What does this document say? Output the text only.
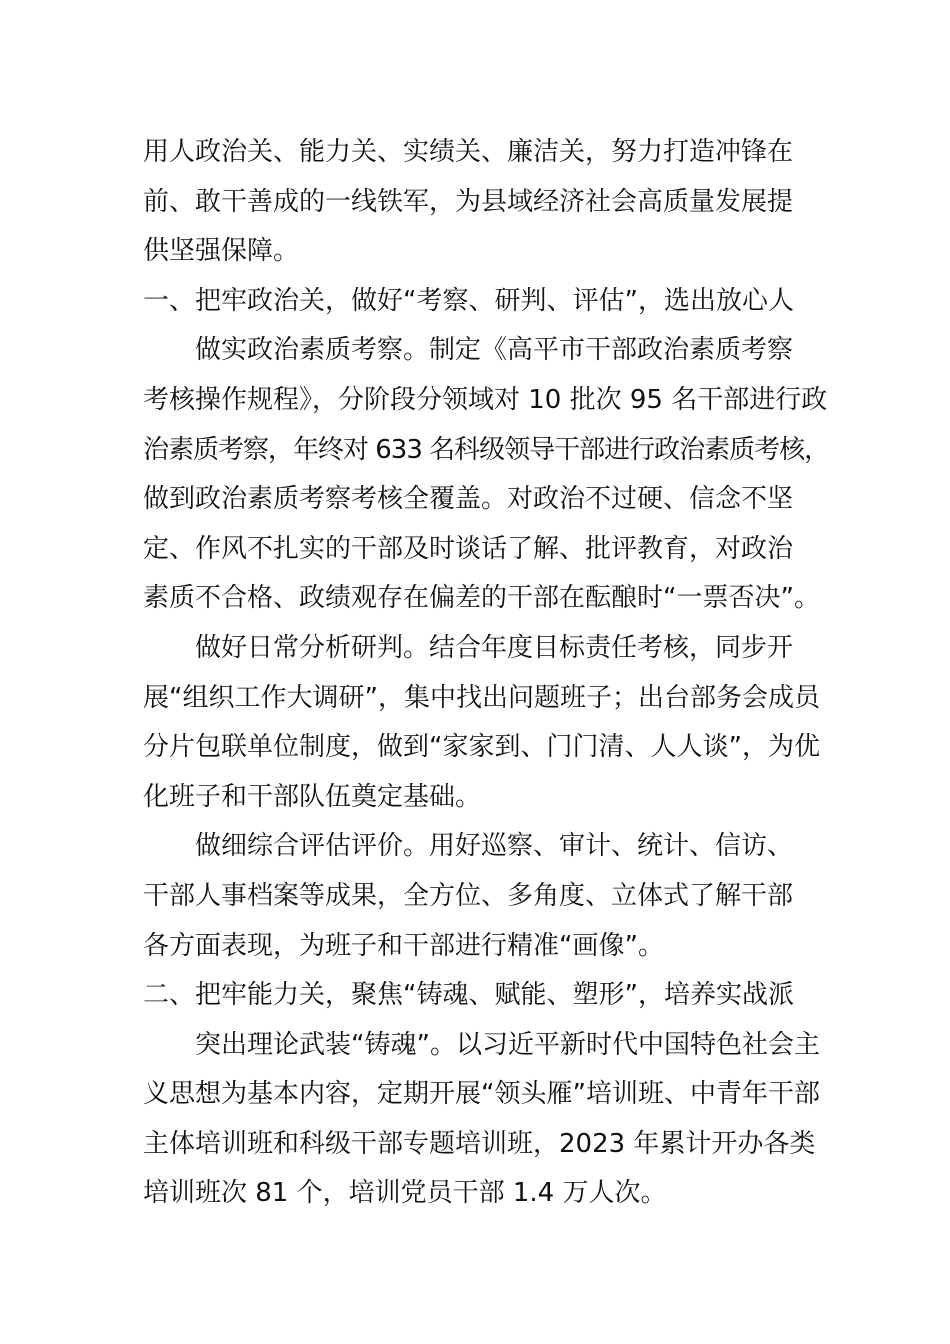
用人政治关、能力关、实绩关、廉洁关，努力打造冲锋在
前、敢干善成的一线铁军，为县域经济社会高质量发展提
供坚强保障。
一、把牢政治关，做好“考察、研判、评估”，选出放心人
做实政治素质考察。制定《高平市干部政治素质考察
考核操作规程》，分阶段分领域对 10 批次 95 名干部进行政
治素质考察，年终对 633 名科级领导干部进行政治素质考核，
做到政治素质考察考核全覆盖。对政治不过硬、信念不坚
定、作风不扎实的干部及时谈话了解、批评教育，对政治
素质不合格、政绩观存在偏差的干部在酝酿时“一票否决”。
做好日常分析研判。结合年度目标责任考核，同步开
展“组织工作大调研”，集中找出问题班子；出台部务会成员
分片包联单位制度，做到“家家到、门门清、人人谈”，为优
化班子和干部队伍奠定基础。
做细综合评估评价。用好巡察、审计、统计、信访、
干部人事档案等成果，全方位、多角度、立体式了解干部
各方面表现，为班子和干部进行精准“画像”。
二、把牢能力关，聚焦“铸魂、赋能、塑形”，培养实战派
突出理论武装“铸魂”。以习近平新时代中国特色社会主
义思想为基本内容，定期开展“领头雁”培训班、中青年干部
主体培训班和科级干部专题培训班，2023 年累计开办各类
培训班次 81 个，培训党员干部 1.4 万人次。
